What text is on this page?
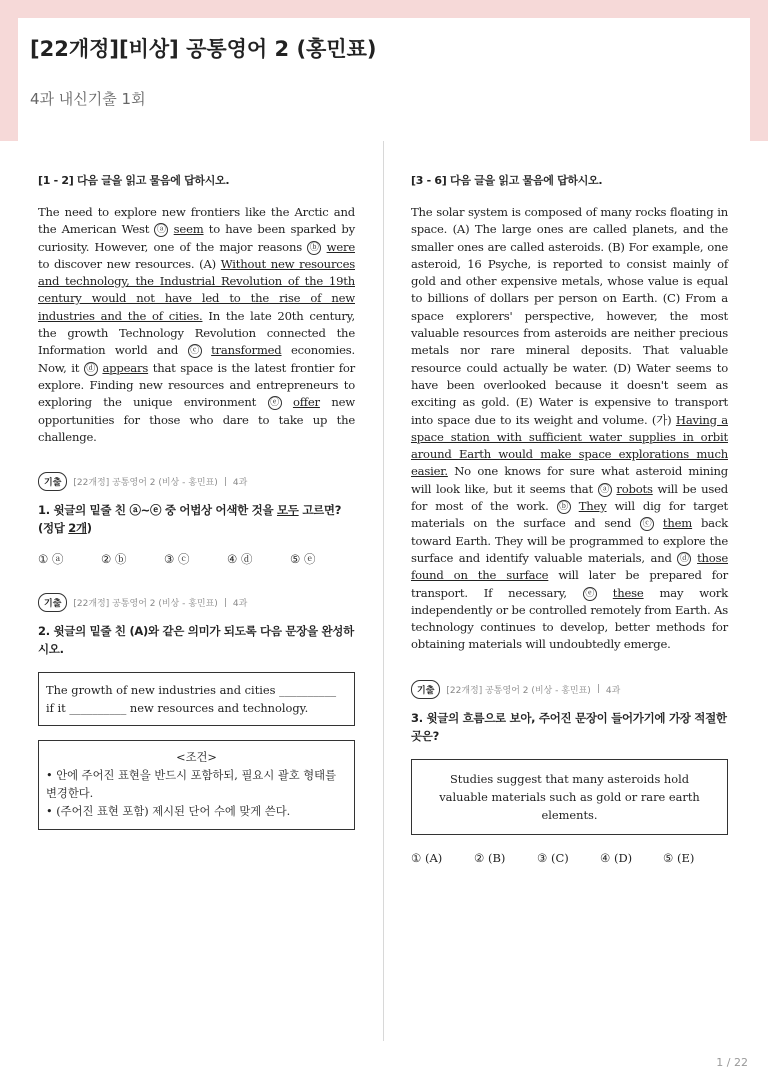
[22개정][비상] 공통영어 2 (홍민표)
4과 내신기출 1회

[1 - 2] 다음 글을 읽고 물음에 답하시오.

The need to explore new frontiers like the Arctic and the American West ⓐ seem to have been sparked by curiosity. However, one of the major reasons ⓑ were to discover new resources. (A) Without new resources and technology, the Industrial Revolution of the 19th century would not have led to the rise of new industries and the of cities. In the late 20th century, the growth Technology Revolution connected the Information world and ⓒ transformed economies. Now, it ⓓ appears that space is the latest frontier for explore. Finding new resources and entrepreneurs to exploring the unique environment ⓔ offer new opportunities for those who dare to take up the challenge.

기출	[22개정] 공통영어 2 (비상 - 홍민표) | 4과

1. 윗글의 밑줄 친 ⓐ~ⓔ 중 어법상 어색한 것을 모두 고르면?
(정답 2개)

① ⓐ	② ⓑ	③ ⓒ	④ ⓓ	⑤ ⓔ
기출	[22개정] 공통영어 2 (비상 - 홍민표) | 4과

2. 윗글의 밑줄 친 (A)와 같은 의미가 되도록 다음 문장을 완성하시오.

The growth of new industries and cities __________ if it __________ new resources and technology.
<조건>
• 안에 주어진 표현을 반드시 포함하되, 필요시 괄호 형태를 변경한다.
• (주어진 표현 포함) 제시된 단어 수에 맞게 쓴다.

[3 - 6] 다음 글을 읽고 물음에 답하시오.

The solar system is composed of many rocks floating in space. (A) The large ones are called planets, and the smaller ones are called asteroids. (B) For example, one asteroid, 16 Psyche, is reported to consist mainly of gold and other expensive metals, whose value is equal to billions of dollars per person on Earth. (C) From a space explorers' perspective, however, the most valuable resources from asteroids are neither precious metals nor rare mineral deposits. That valuable resource could actually be water. (D) Water seems to have been overlooked because it doesn't seem as exciting as gold. (E) Water is expensive to transport into space due to its weight and volume. (가) Having a space station with sufficient water supplies in orbit around Earth would make space explorations much easier. No one knows for sure what asteroid mining will look like, but it seems that ⓐ robots will be used for most of the work. ⓑ They will dig for target materials on the surface and send ⓒ them back toward Earth. They will be programmed to explore the surface and identify valuable materials, and ⓓ those found on the surface will later be prepared for transport. If necessary, ⓔ these may work independently or be controlled remotely from Earth. As technology continues to develop, better methods for obtaining materials will undoubtedly emerge.

기출	[22개정] 공통영어 2 (비상 - 홍민표) | 4과

3. 윗글의 흐름으로 보아, 주어진 문장이 들어가기에 가장 적절한 곳은?

Studies suggest that many asteroids hold valuable materials such as gold or rare earth elements.
① (A)	② (B)	③ (C)	④ (D)	⑤ (E)
1 / 22
